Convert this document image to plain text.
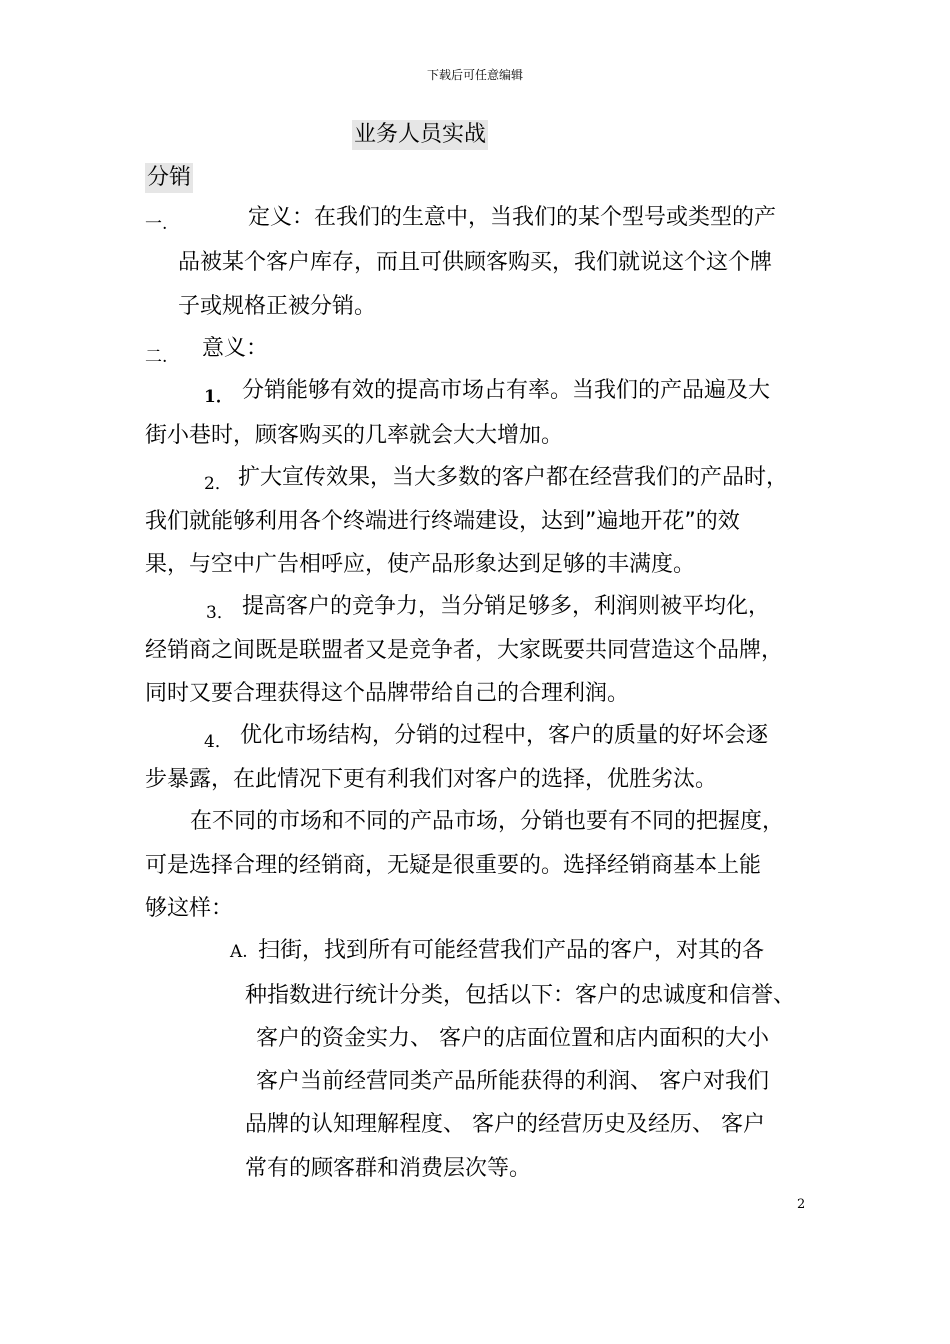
下载后可任意编辑
业务人员实战
分销
一.	定义：在我们的生意中，当我们的某个型号或类型的产
品被某个客户库存，而且可供顾客购买，我们就说这个这个牌
子或规格正被分销。
二. 意义：
1． 分销能够有效的提高市场占有率。当我们的产品遍及大
街小巷时，顾客购买的几率就会大大增加。
2． 扩大宣传效果，当大多数的客户都在经营我们的产品时，
我们就能够利用各个终端进行终端建设，达到”遍地开花”的效
果，与空中广告相呼应，使产品形象达到足够的丰满度。
3． 提高客户的竞争力，当分销足够多，利润则被平均化，
经销商之间既是联盟者又是竞争者，大家既要共同营造这个品牌，
同时又要合理获得这个品牌带给自己的合理利润。
4． 优化市场结构，分销的过程中，客户的质量的好坏会逐
步暴露，在此情况下更有利我们对客户的选择，优胜劣汰。
在不同的市场和不同的产品市场，分销也要有不同的把握度，
可是选择合理的经销商，无疑是很重要的。选择经销商基本上能
够这样：
A. 扫街，找到所有可能经营我们产品的客户，对其的各
种指数进行统计分类，包括以下：客户的忠诚度和信誉、
客户的资金实力、 客户的店面位置和店内面积的大小
客户当前经营同类产品所能获得的利润、 客户对我们
品牌的认知理解程度、 客户的经营历史及经历、 客户
常有的顾客群和消费层次等。
2
